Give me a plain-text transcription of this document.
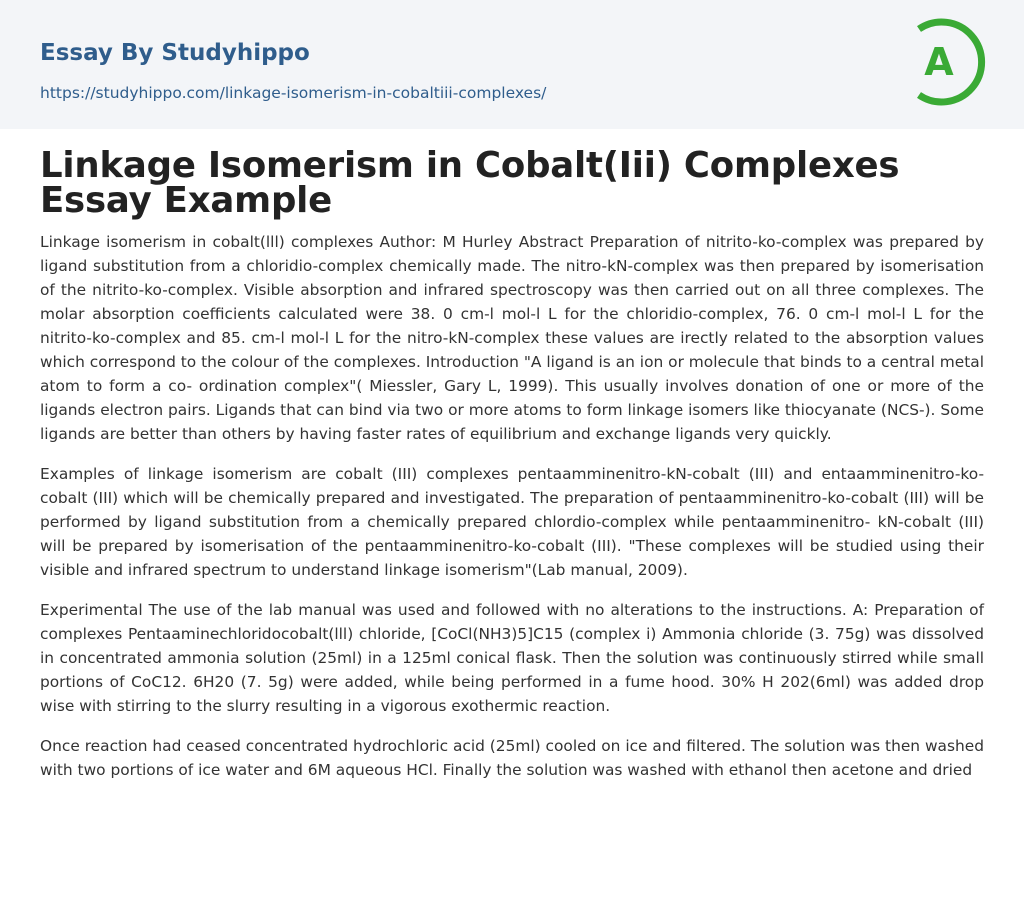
Essay By Studyhippo
https://studyhippo.com/linkage-isomerism-in-cobaltiii-complexes/
A
Linkage Isomerism in Cobalt(Iii) Complexes Essay Example

Linkage isomerism in cobalt(lll) complexes Author: M Hurley Abstract Preparation of nitrito-ko-complex was prepared by ligand substitution from a chloridio-complex chemically made. The nitro-kN-complex was then prepared by isomerisation of the nitrito-ko-complex. Visible absorption and infrared spectroscopy was then carried out on all three complexes. The molar absorption coefficients calculated were 38. 0 cm-l mol-l L for the chloridio-complex, 76. 0 cm-l mol-l L for the nitrito-ko-complex and 85. cm-l mol-l L for the nitro-kN-complex these values are irectly related to the absorption values which correspond to the colour of the complexes. Introduction "A ligand is an ion or molecule that binds to a central metal atom to form a co- ordination complex"( Miessler, Gary L, 1999). This usually involves donation of one or more of the ligands electron pairs. Ligands that can bind via two or more atoms to form linkage isomers like thiocyanate (NCS-). Some ligands are better than others by having faster rates of equilibrium and exchange ligands very quickly.

Examples of linkage isomerism are cobalt (III) complexes pentaamminenitro-kN-cobalt (III) and entaamminenitro-ko-cobalt (III) which will be chemically prepared and investigated. The preparation of pentaamminenitro-ko-cobalt (III) will be performed by ligand substitution from a chemically prepared chlordio-complex while pentaamminenitro- kN-cobalt (III) will be prepared by isomerisation of the pentaamminenitro-ko-cobalt (III). "These complexes will be studied using their visible and infrared spectrum to understand linkage isomerism"(Lab manual, 2009).

Experimental The use of the lab manual was used and followed with no alterations to the instructions. A: Preparation of complexes Pentaaminechloridocobalt(lll) chloride, [CoCl(NH3)5]C15 (complex i) Ammonia chloride (3. 75g) was dissolved in concentrated ammonia solution (25ml) in a 125ml conical flask. Then the solution was continuously stirred while small portions of CoC12. 6H20 (7. 5g) were added, while being performed in a fume hood. 30% H 202(6ml) was added drop wise with stirring to the slurry resulting in a vigorous exothermic reaction.

Once reaction had ceased concentrated hydrochloric acid (25ml) cooled on ice and filtered. The solution was then washed with two portions of ice water and 6M aqueous HCl. Finally the solution was washed with ethanol then acetone and dried
